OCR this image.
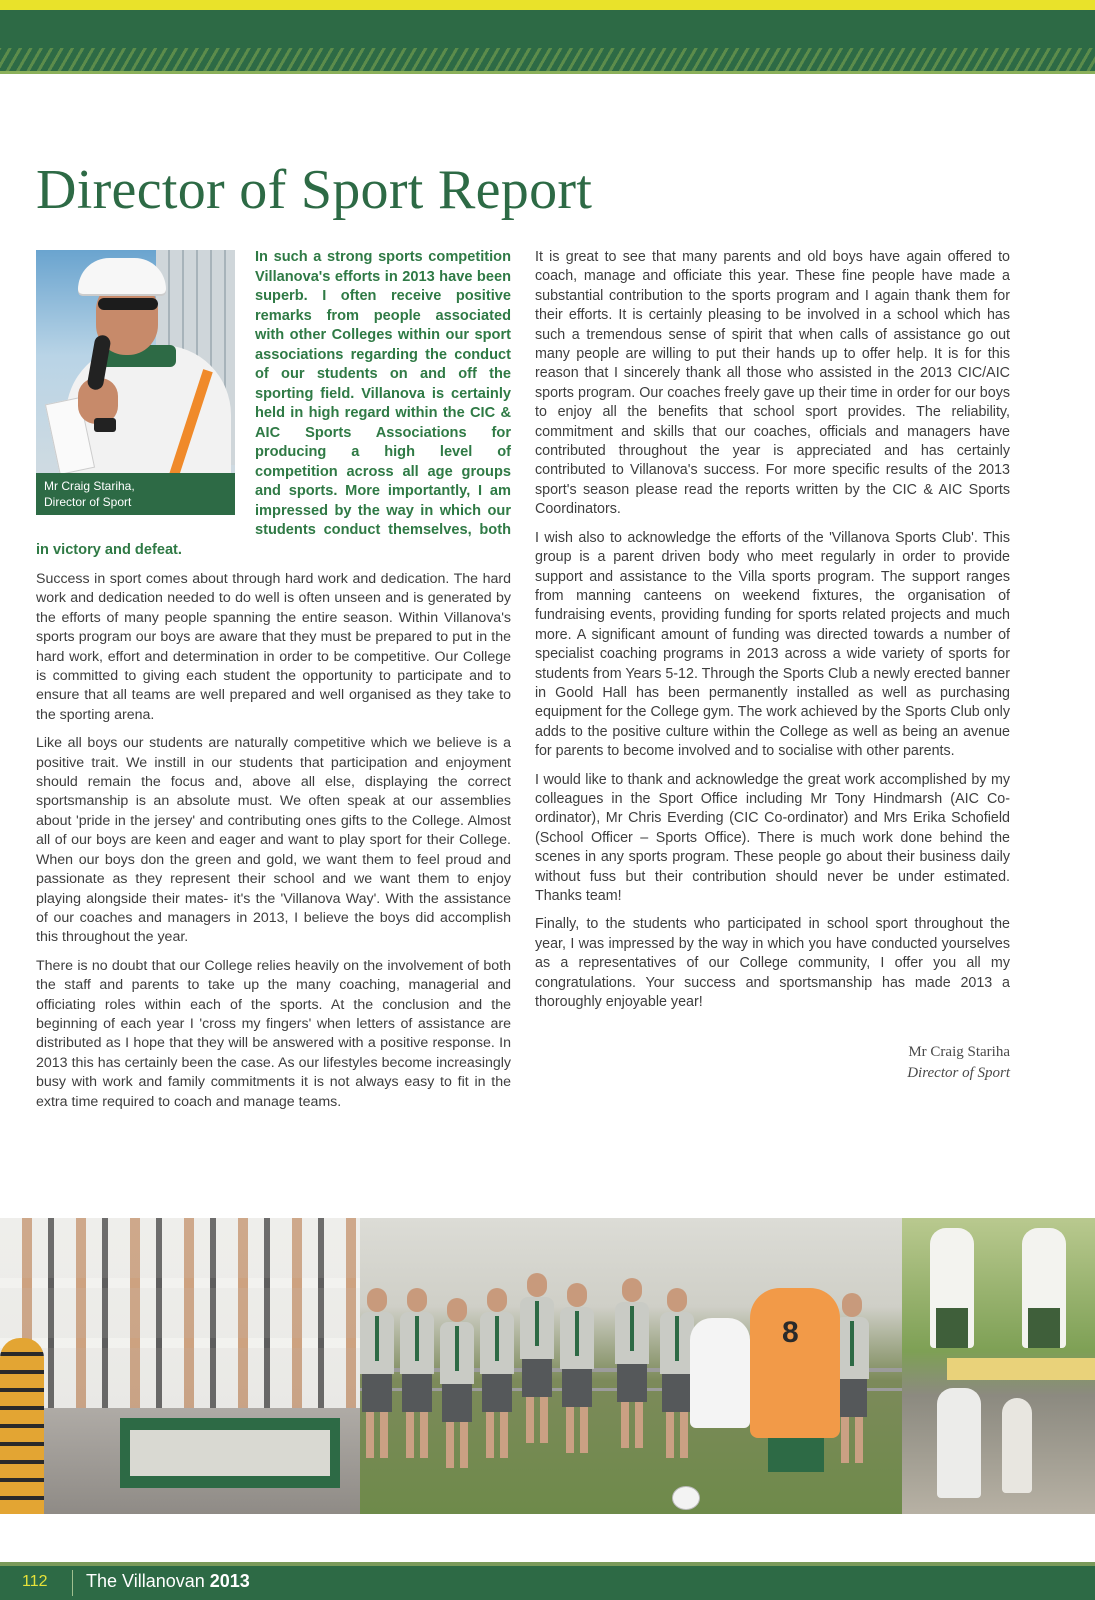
Director of Sport Report
Mr Craig Stariha,
Director of Sport

In such a strong sports competition Villanova's efforts in 2013 have been superb. I often receive positive remarks from people associated with other Colleges within our sport associations regarding the conduct of our students on and off the sporting field. Villanova is certainly held in high regard within the CIC & AIC Sports Associations for producing a high level of competition across all age groups and sports. More importantly, I am impressed by the way in which our students conduct themselves, both in victory and defeat.

Success in sport comes about through hard work and dedication. The hard work and dedication needed to do well is often unseen and is generated by the efforts of many people spanning the entire season. Within Villanova's sports program our boys are aware that they must be prepared to put in the hard work, effort and determination in order to be competitive. Our College is committed to giving each student the opportunity to participate and to ensure that all teams are well prepared and well organised as they take to the sporting arena.

Like all boys our students are naturally competitive which we believe is a positive trait. We instill in our students that participation and enjoyment should remain the focus and, above all else, displaying the correct sportsmanship is an absolute must. We often speak at our assemblies about 'pride in the jersey' and contributing ones gifts to the College. Almost all of our boys are keen and eager and want to play sport for their College. When our boys don the green and gold, we want them to feel proud and passionate as they represent their school and we want them to enjoy playing alongside their mates- it's the 'Villanova Way'. With the assistance of our coaches and managers in 2013, I believe the boys did accomplish this throughout the year.

There is no doubt that our College relies heavily on the involvement of both the staff and parents to take up the many coaching, managerial and officiating roles within each of the sports. At the conclusion and the beginning of each year I 'cross my fingers' when letters of assistance are distributed as I hope that they will be answered with a positive response. In 2013 this has certainly been the case. As our lifestyles become increasingly busy with work and family commitments it is not always easy to fit in the extra time required to coach and manage teams.

It is great to see that many parents and old boys have again offered to coach, manage and officiate this year. These fine people have made a substantial contribution to the sports program and I again thank them for their efforts. It is certainly pleasing to be involved in a school which has such a tremendous sense of spirit that when calls of assistance go out many people are willing to put their hands up to offer help. It is for this reason that I sincerely thank all those who assisted in the 2013 CIC/AIC sports program. Our coaches freely gave up their time in order for our boys to enjoy all the benefits that school sport provides. The reliability, commitment and skills that our coaches, officials and managers have contributed throughout the year is appreciated and has certainly contributed to Villanova's success. For more specific results of the 2013 sport's season please read the reports written by the CIC & AIC Sports Coordinators.

I wish also to acknowledge the efforts of the 'Villanova Sports Club'. This group is a parent driven body who meet regularly in order to provide support and assistance to the Villa sports program. The support ranges from manning canteens on weekend fixtures, the organisation of fundraising events, providing funding for sports related projects and much more. A significant amount of funding was directed towards a number of specialist coaching programs in 2013 across a wide variety of sports for students from Years 5-12. Through the Sports Club a newly erected banner in Goold Hall has been permanently installed as well as purchasing equipment for the College gym. The work achieved by the Sports Club only adds to the positive culture within the College as well as being an avenue for parents to become involved and to socialise with other parents.

I would like to thank and acknowledge the great work accomplished by my colleagues in the Sport Office including Mr Tony Hindmarsh (AIC Co-ordinator), Mr Chris Everding (CIC Co-ordinator) and Mrs Erika Schofield (School Officer – Sports Office). There is much work done behind the scenes in any sports program. These people go about their business daily without fuss but their contribution should never be under estimated. Thanks team!

Finally, to the students who participated in school sport throughout the year, I was impressed by the way in which you have conducted yourselves as a representatives of our College community, I offer you all my congratulations. Your success and sportsmanship has made 2013 a thoroughly enjoyable year!

Mr Craig Stariha
Director of Sport
8
112 The Villanovan 2013
